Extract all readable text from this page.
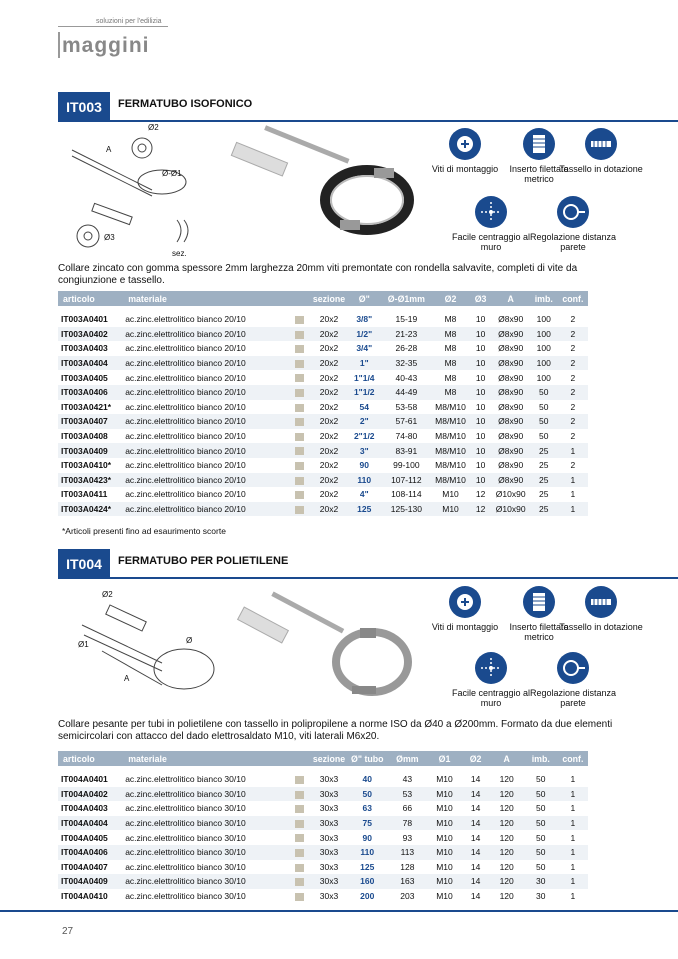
soluzioni per l'edilizia
maggini
IT003	FERMATUBO ISOFONICO
Ø2
A
Ø-Ø1
Ø3
sez.
Viti di montaggio	Inserto filettato metrico
Tassello in dotazione
Facile centraggio al muro
Regolazione distanza parete
Collare zincato con gomma spessore 2mm larghezza 20mm viti premontate con rondella salvavite, completi di vite da congiunzione e tassello.
articolo	materiale		sezione	Ø"	Ø-Ø1mm	Ø2	Ø3	A	imb.	conf.

IT003A0401	ac.zinc.elettrolitico bianco 20/10		20x2	3/8"	15-19	M8	10	Ø8x90	100	2
IT003A0402	ac.zinc.elettrolitico bianco 20/10		20x2	1/2"	21-23	M8	10	Ø8x90	100	2
IT003A0403	ac.zinc.elettrolitico bianco 20/10		20x2	3/4"	26-28	M8	10	Ø8x90	100	2
IT003A0404	ac.zinc.elettrolitico bianco 20/10		20x2	1"	32-35	M8	10	Ø8x90	100	2
IT003A0405	ac.zinc.elettrolitico bianco 20/10		20x2	1"1/4	40-43	M8	10	Ø8x90	100	2
IT003A0406	ac.zinc.elettrolitico bianco 20/10		20x2	1"1/2	44-49	M8	10	Ø8x90	50	2
IT003A0421*	ac.zinc.elettrolitico bianco 20/10		20x2	54	53-58	M8/M10	10	Ø8x90	50	2
IT003A0407	ac.zinc.elettrolitico bianco 20/10		20x2	2"	57-61	M8/M10	10	Ø8x90	50	2
IT003A0408	ac.zinc.elettrolitico bianco 20/10		20x2	2"1/2	74-80	M8/M10	10	Ø8x90	50	2
IT003A0409	ac.zinc.elettrolitico bianco 20/10		20x2	3"	83-91	M8/M10	10	Ø8x90	25	1
IT003A0410*	ac.zinc.elettrolitico bianco 20/10		20x2	90	99-100	M8/M10	10	Ø8x90	25	2
IT003A0423*	ac.zinc.elettrolitico bianco 20/10		20x2	110	107-112	M8/M10	10	Ø8x90	25	1
IT003A0411	ac.zinc.elettrolitico bianco 20/10		20x2	4"	108-114	M10	12	Ø10x90	25	1
IT003A0424*	ac.zinc.elettrolitico bianco 20/10		20x2	125	125-130	M10	12	Ø10x90	25	1
*Articoli presenti fino ad esaurimento scorte
IT004	FERMATUBO PER POLIETILENE
Ø2
Ø1	Ø
A
Viti di montaggio	Inserto filettato metrico
Tassello in dotazione
Facile centraggio al muro
Regolazione distanza parete
Collare pesante per tubi in polietilene con tassello in polipropilene a norme ISO da Ø40 a Ø200mm. Formato da due elementi semicircolari con attacco del dado elettrosaldato M10, viti laterali M6x20.
articolo	materiale		sezione	Ø" tubo	Ømm	Ø1	Ø2	A	imb.	conf.

IT004A0401	ac.zinc.elettrolitico bianco 30/10		30x3	40	43	M10	14	120	50	1
IT004A0402	ac.zinc.elettrolitico bianco 30/10		30x3	50	53	M10	14	120	50	1
IT004A0403	ac.zinc.elettrolitico bianco 30/10		30x3	63	66	M10	14	120	50	1
IT004A0404	ac.zinc.elettrolitico bianco 30/10		30x3	75	78	M10	14	120	50	1
IT004A0405	ac.zinc.elettrolitico bianco 30/10		30x3	90	93	M10	14	120	50	1
IT004A0406	ac.zinc.elettrolitico bianco 30/10		30x3	110	113	M10	14	120	50	1
IT004A0407	ac.zinc.elettrolitico bianco 30/10		30x3	125	128	M10	14	120	50	1
IT004A0409	ac.zinc.elettrolitico bianco 30/10		30x3	160	163	M10	14	120	30	1
IT004A0410	ac.zinc.elettrolitico bianco 30/10		30x3	200	203	M10	14	120	30	1
27
